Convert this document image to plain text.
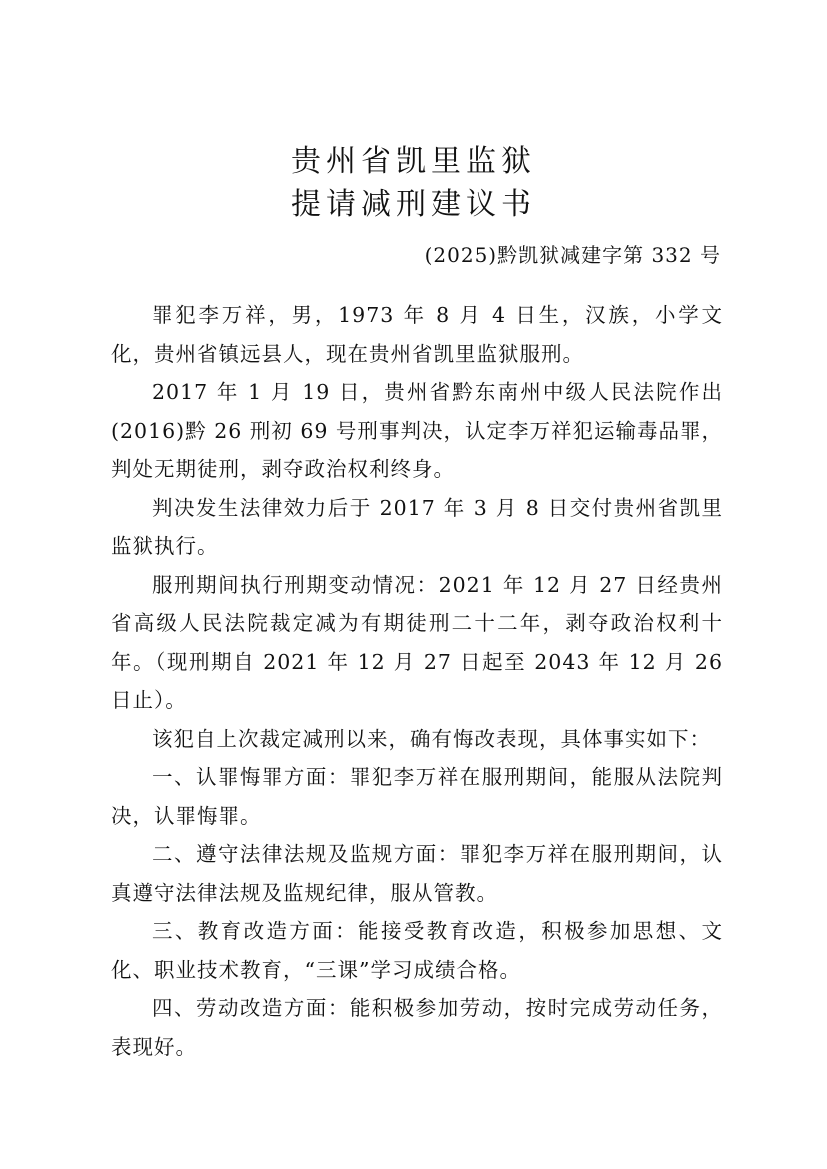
贵州省凯里监狱
提请减刑建议书
(2025)黔凯狱减建字第 332 号

罪犯李万祥，男，1973 年 8 月 4 日生，汉族，小学文化，贵州省镇远县人，现在贵州省凯里监狱服刑。

2017 年 1 月 19 日，贵州省黔东南州中级人民法院作出(2016)黔 26 刑初 69 号刑事判决，认定李万祥犯运输毒品罪，判处无期徒刑，剥夺政治权利终身。

判决发生法律效力后于 2017 年 3 月 8 日交付贵州省凯里监狱执行。

服刑期间执行刑期变动情况：2021 年 12 月 27 日经贵州省高级人民法院裁定减为有期徒刑二十二年，剥夺政治权利十年。（现刑期自 2021 年 12 月 27 日起至 2043 年 12 月 26 日止）。

该犯自上次裁定减刑以来，确有悔改表现，具体事实如下：

一、认罪悔罪方面：罪犯李万祥在服刑期间，能服从法院判决，认罪悔罪。

二、遵守法律法规及监规方面：罪犯李万祥在服刑期间，认真遵守法律法规及监规纪律，服从管教。

三、教育改造方面：能接受教育改造，积极参加思想、文化、职业技术教育，“三课”学习成绩合格。

四、劳动改造方面：能积极参加劳动，按时完成劳动任务，表现好。
